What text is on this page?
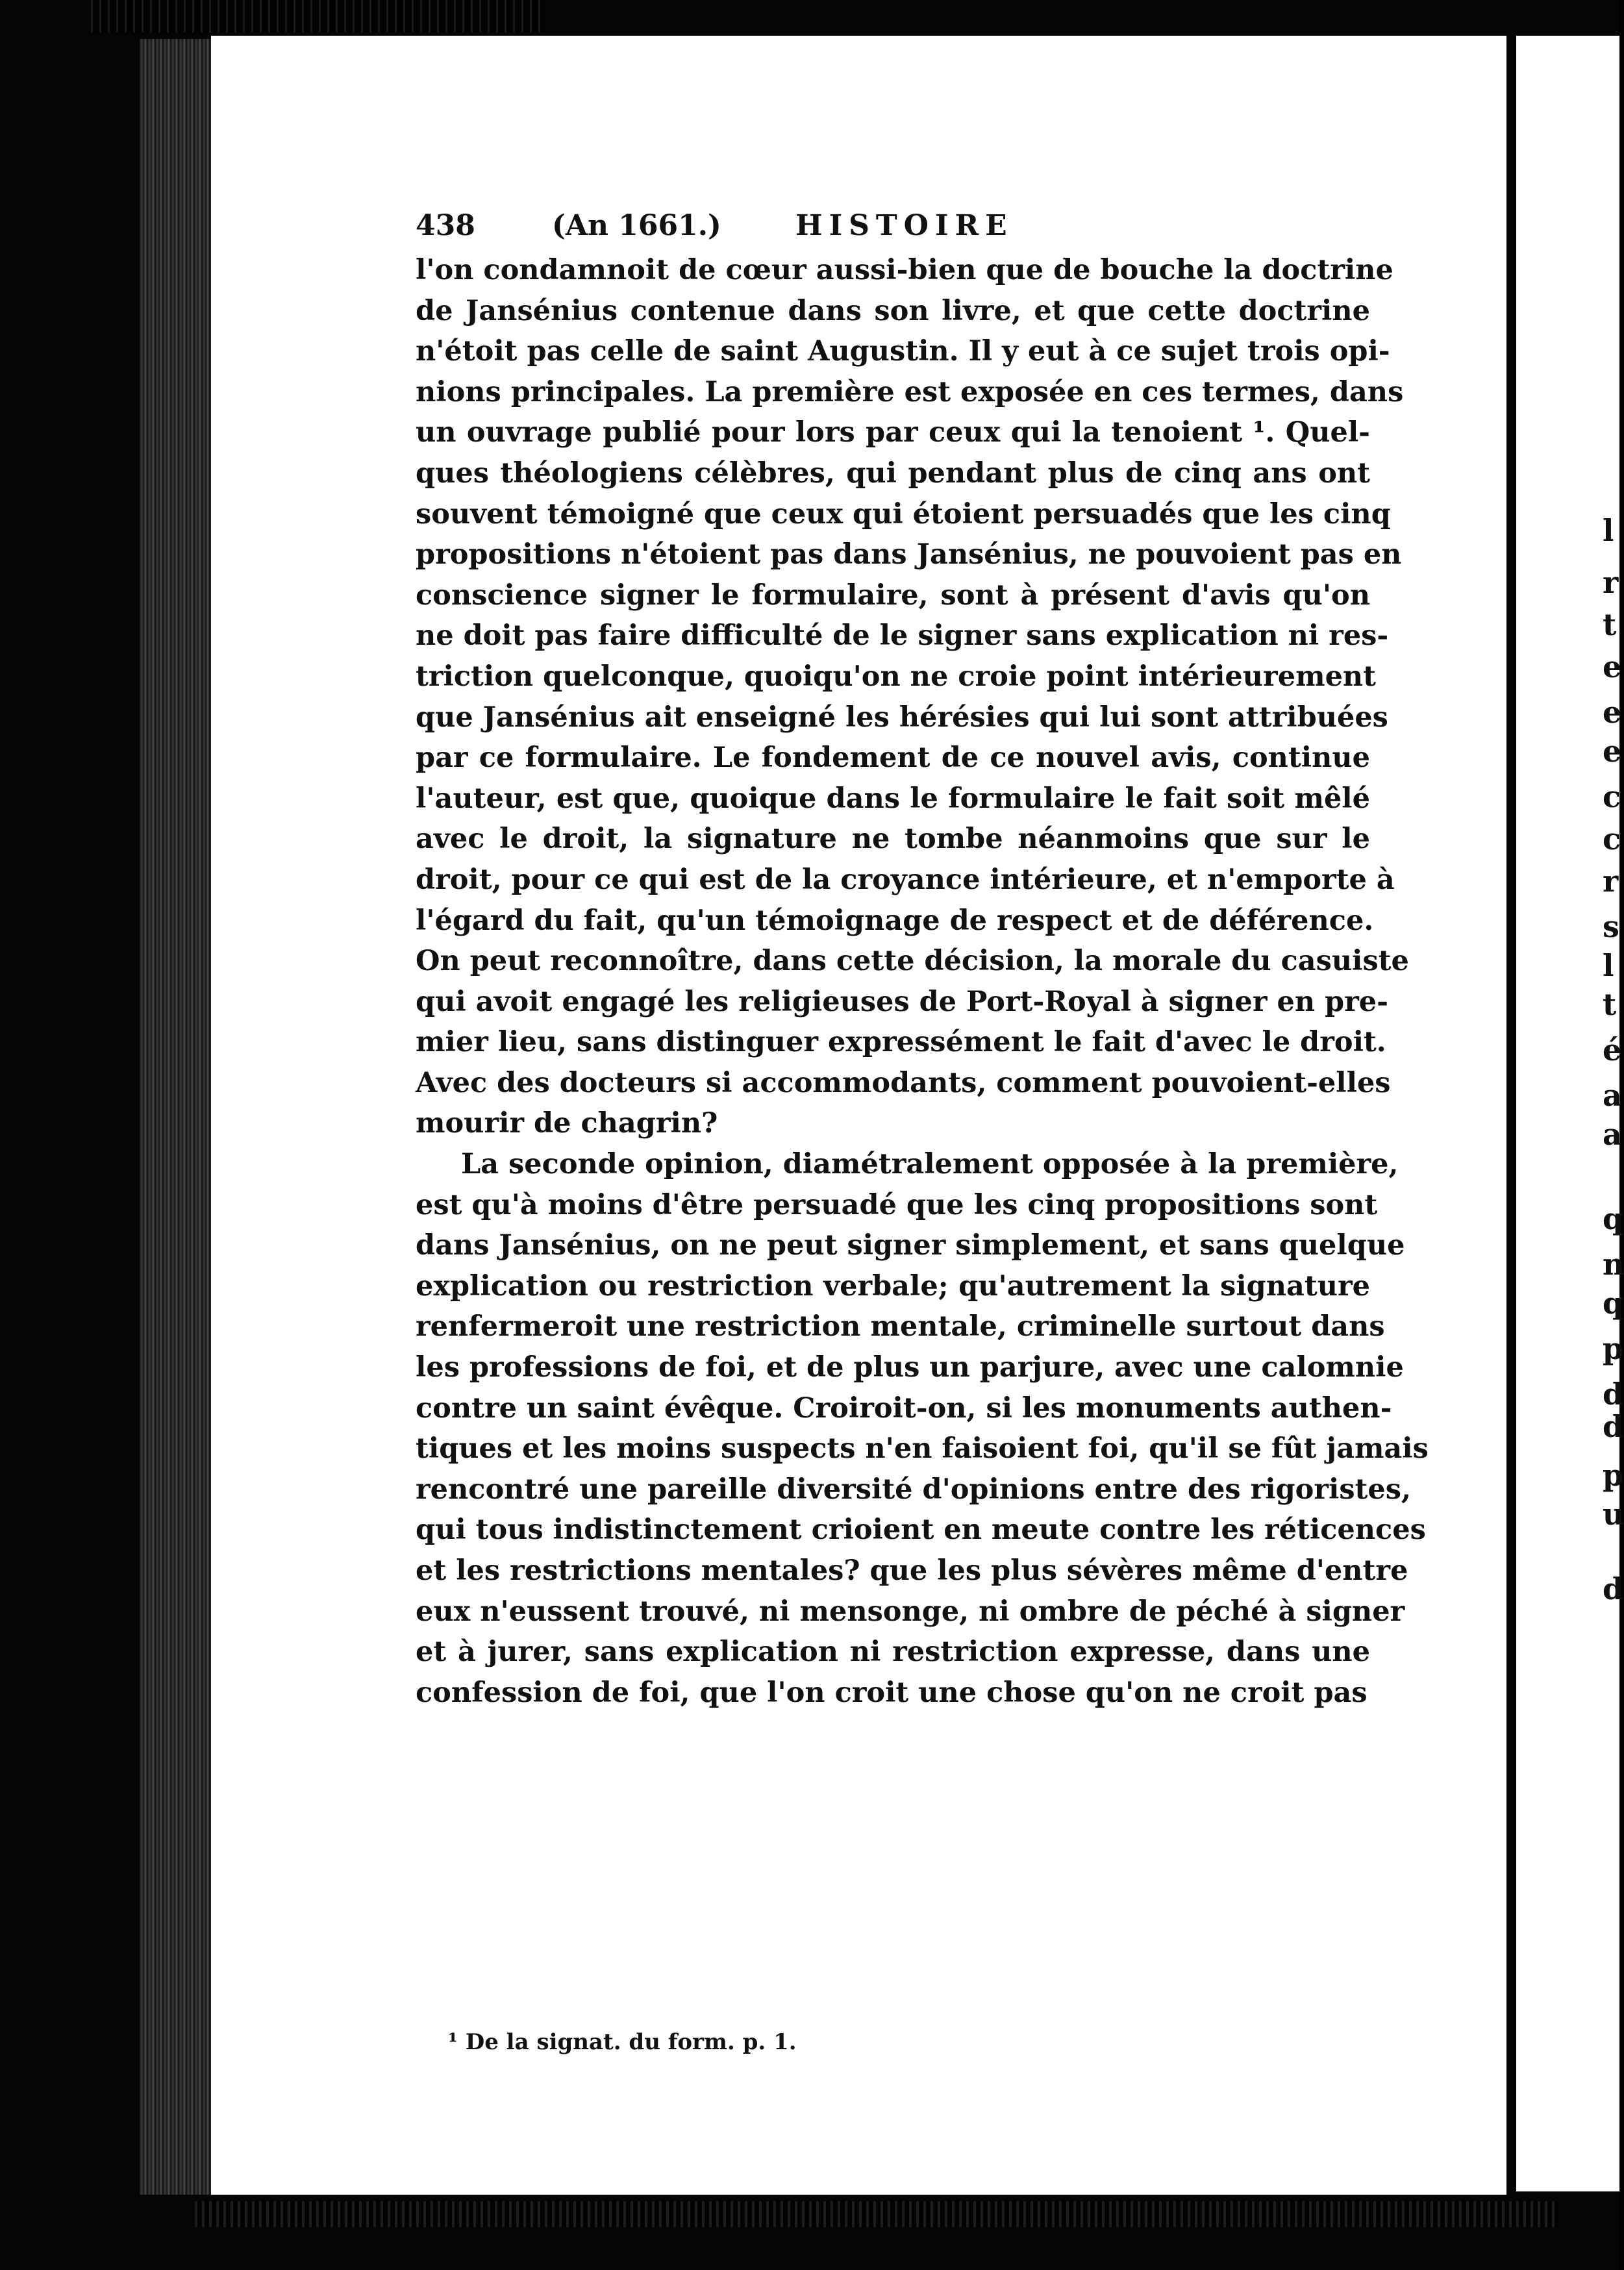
438	(An 1661.)	HISTOIRE
l'on condamnoit de cœur aussi-bien que de bouche la doctrine
de Jansénius contenue dans son livre, et que cette doctrine
n'étoit pas celle de saint Augustin. Il y eut à ce sujet trois opi-
nions principales. La première est exposée en ces termes, dans
un ouvrage publié pour lors par ceux qui la tenoient ¹. Quel-
ques théologiens célèbres, qui pendant plus de cinq ans ont
souvent témoigné que ceux qui étoient persuadés que les cinq
propositions n'étoient pas dans Jansénius, ne pouvoient pas en
conscience signer le formulaire, sont à présent d'avis qu'on
ne doit pas faire difficulté de le signer sans explication ni res-
triction quelconque, quoiqu'on ne croie point intérieurement
que Jansénius ait enseigné les hérésies qui lui sont attribuées
par ce formulaire. Le fondement de ce nouvel avis, continue
l'auteur, est que, quoique dans le formulaire le fait soit mêlé
avec le droit, la signature ne tombe néanmoins que sur le
droit, pour ce qui est de la croyance intérieure, et n'emporte à
l'égard du fait, qu'un témoignage de respect et de déférence.
On peut reconnoître, dans cette décision, la morale du casuiste
qui avoit engagé les religieuses de Port-Royal à signer en pre-
mier lieu, sans distinguer expressément le fait d'avec le droit.
Avec des docteurs si accommodants, comment pouvoient-elles
mourir de chagrin?
La seconde opinion, diamétralement opposée à la première,
est qu'à moins d'être persuadé que les cinq propositions sont
dans Jansénius, on ne peut signer simplement, et sans quelque
explication ou restriction verbale; qu'autrement la signature
renfermeroit une restriction mentale, criminelle surtout dans
les professions de foi, et de plus un parjure, avec une calomnie
contre un saint évêque. Croiroit-on, si les monuments authen-
tiques et les moins suspects n'en faisoient foi, qu'il se fût jamais
rencontré une pareille diversité d'opinions entre des rigoristes,
qui tous indistinctement crioient en meute contre les réticences
et les restrictions mentales? que les plus sévères même d'entre
eux n'eussent trouvé, ni mensonge, ni ombre de péché à signer
et à jurer, sans explication ni restriction expresse, dans une
confession de foi, que l'on croit une chose qu'on ne croit pas
¹ De la signat. du form. p. 1.
l
r
t
e
e
e
c
c
r
s
l
t
é
a
a
q
n
q
p
d
d
p
u
d
